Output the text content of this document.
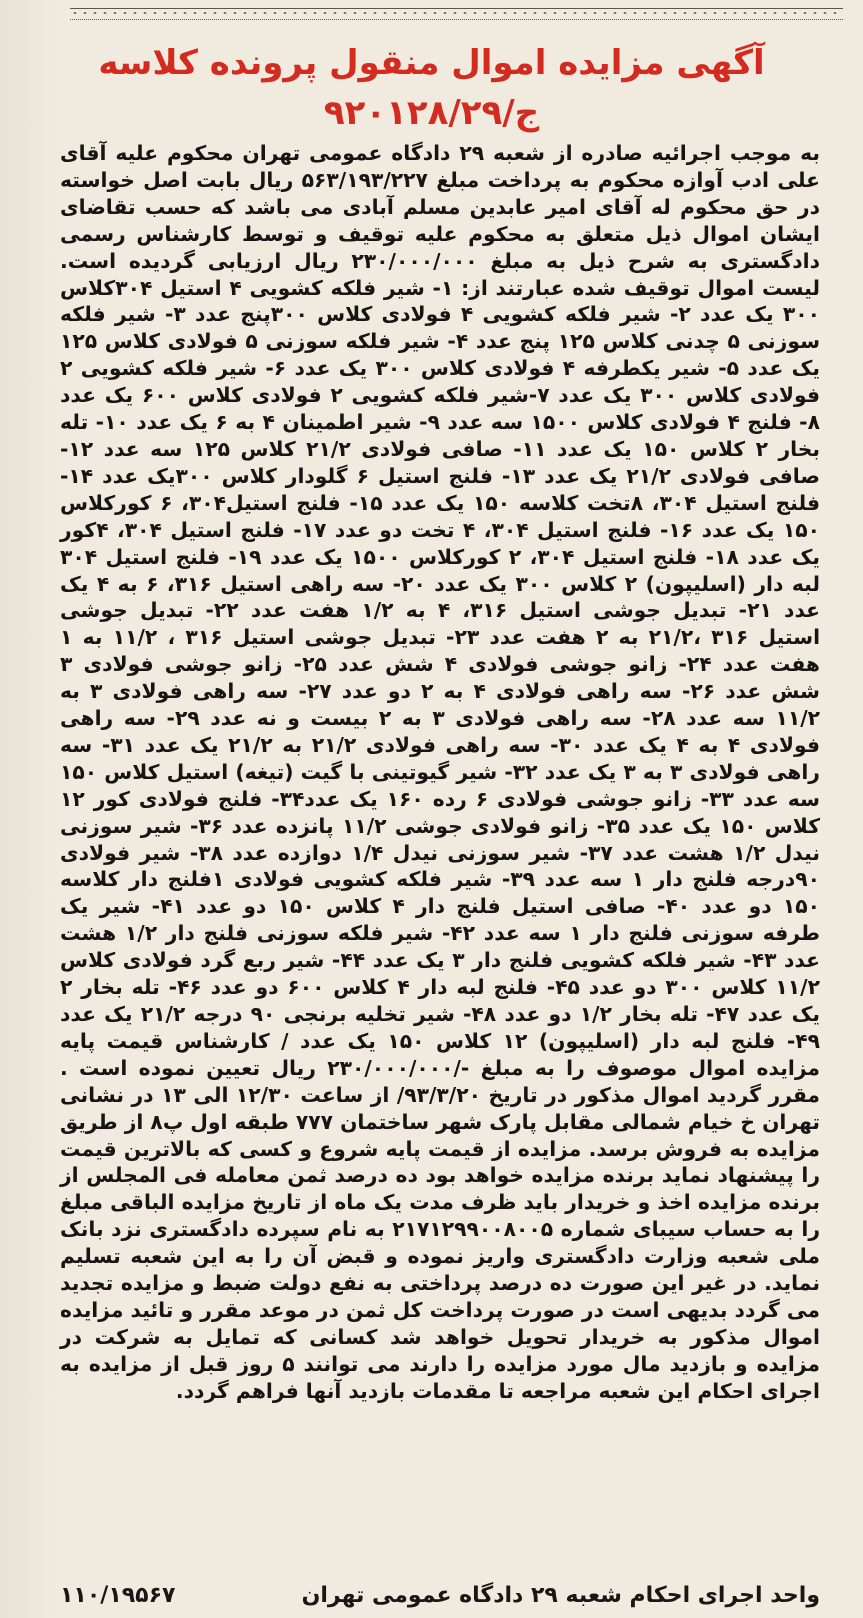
آگهی مزایده اموال منقول پرونده کلاسه
ج/۹۲۰۱۲۸/۲۹
به موجب اجرائیه صادره از شعبه ۲۹ دادگاه عمومی تهران محکوم علیه آقای علی ادب آوازه محکوم به پرداخت مبلغ ۵۶۳/۱۹۳/۲۲۷ ریال بابت اصل خواسته در حق محکوم له آقای امیر عابدین مسلم آبادی می باشد که حسب تقاضای ایشان اموال ذیل متعلق به محکوم علیه توقیف و توسط کارشناس رسمی دادگستری به شرح ذیل به مبلغ ۲۳۰/۰۰۰/۰۰۰ ریال ارزیابی گردیده است. لیست اموال توقیف شده عبارتند از: ۱- شیر فلکه کشویی ۴ استیل ۳۰۴کلاس ۳۰۰ یک عدد ۲- شیر فلکه کشویی ۴ فولادی کلاس ۳۰۰پنج عدد ۳- شیر فلکه سوزنی ۵ چدنی کلاس ۱۲۵ پنج عدد ۴- شیر فلکه سوزنی ۵ فولادی کلاس ۱۲۵ یک عدد ۵- شیر یکطرفه ۴ فولادی کلاس ۳۰۰ یک عدد ۶- شیر فلکه کشویی ۲ فولادی کلاس ۳۰۰ یک عدد ۷-شیر فلکه کشویی ۲ فولادی کلاس ۶۰۰ یک عدد ۸- فلنج ۴ فولادی کلاس ۱۵۰۰ سه عدد ۹- شیر اطمینان ۴ به ۶ یک عدد ۱۰- تله بخار ۲ کلاس ۱۵۰ یک عدد ۱۱- صافی فولادی ۲۱/۲ کلاس ۱۲۵ سه عدد ۱۲- صافی فولادی ۲۱/۲ یک عدد ۱۳- فلنج استیل ۶ گلودار کلاس ۳۰۰یک عدد ۱۴- فلنج استیل ۳۰۴، ۸تخت کلاسه ۱۵۰ یک عدد ۱۵- فلنج استیل۳۰۴، ۶ کورکلاس ۱۵۰ یک عدد ۱۶- فلنج استیل ۳۰۴، ۴ تخت دو عدد ۱۷- فلنج استیل ۳۰۴، ۴کور یک عدد ۱۸- فلنج استیل ۳۰۴، ۲ کورکلاس ۱۵۰۰ یک عدد ۱۹- فلنج استیل ۳۰۴ لبه دار (اسلیپون) ۲ کلاس ۳۰۰ یک عدد ۲۰- سه راهی استیل ۳۱۶، ۶ به ۴ یک عدد ۲۱- تبدیل جوشی استیل ۳۱۶، ۴ به ۱/۲ هفت عدد ۲۲- تبدیل جوشی استیل ۳۱۶ ،۲۱/۲ به ۲ هفت عدد ۲۳- تبدیل جوشی استیل ۳۱۶ ، ۱۱/۲ به ۱ هفت عدد ۲۴- زانو جوشی فولادی ۴ شش عدد ۲۵- زانو جوشی فولادی ۳ شش عدد ۲۶- سه راهی فولادی ۴ به ۲ دو عدد ۲۷- سه راهی فولادی ۳ به ۱۱/۲ سه عدد ۲۸- سه راهی فولادی ۳ به ۲ بیست و نه عدد ۲۹- سه راهی فولادی ۴ به ۴ یک عدد ۳۰- سه راهی فولادی ۲۱/۲ به ۲۱/۲ یک عدد ۳۱- سه راهی فولادی ۳ به ۳ یک عدد ۳۲- شیر گیوتینی با گیت (تیغه) استیل کلاس ۱۵۰ سه عدد ۳۳- زانو جوشی فولادی ۶ رده ۱۶۰ یک عدد۳۴- فلنج فولادی کور ۱۲ کلاس ۱۵۰ یک عدد ۳۵- زانو فولادی جوشی ۱۱/۲ پانزده عدد ۳۶- شیر سوزنی نیدل ۱/۲ هشت عدد ۳۷- شیر سوزنی نیدل ۱/۴ دوازده عدد ۳۸- شیر فولادی ۹۰درجه فلنج دار ۱ سه عدد ۳۹- شیر فلکه کشویی فولادی ۱فلنج دار کلاسه ۱۵۰ دو عدد ۴۰- صافی استیل فلنج دار ۴ کلاس ۱۵۰ دو عدد ۴۱- شیر یک طرفه سوزنی فلنج دار ۱ سه عدد ۴۲- شیر فلکه سوزنی فلنج دار ۱/۲ هشت عدد ۴۳- شیر فلکه کشویی فلنج دار ۳ یک عدد ۴۴- شیر ربع گرد فولادی کلاس ۱۱/۲ کلاس ۳۰۰ دو عدد ۴۵- فلنج لبه دار ۴ کلاس ۶۰۰ دو عدد ۴۶- تله بخار ۲ یک عدد ۴۷- تله بخار ۱/۲ دو عدد ۴۸- شیر تخلیه برنجی ۹۰ درجه ۲۱/۲ یک عدد ۴۹- فلنج لبه دار (اسلیپون) ۱۲ کلاس ۱۵۰ یک عدد / کارشناس قیمت پایه مزایده اموال موصوف را به مبلغ -/۲۳۰/۰۰۰/۰۰۰ ریال تعیین نموده است . مقرر گردید اموال مذکور در تاریخ ۹۳/۳/۲۰/ از ساعت ۱۲/۳۰ الی ۱۳ در نشانی تهران خ خیام شمالی مقابل پارک شهر ساختمان ۷۷۷ طبقه اول پ۸ از طریق مزایده به فروش برسد. مزایده از قیمت پایه شروع و کسی که بالاترین قیمت را پیشنهاد نماید برنده مزایده خواهد بود ده درصد ثمن معامله فی المجلس از برنده مزایده اخذ و خریدار باید ظرف مدت یک ماه از تاریخ مزایده الباقی مبلغ را به حساب سیبای شماره ۲۱۷۱۲۹۹۰۰۸۰۰۵ به نام سپرده دادگستری نزد بانک ملی شعبه وزارت دادگستری واریز نموده و قبض آن را به این شعبه تسلیم نماید. در غیر این صورت ده درصد پرداختی به نفع دولت ضبط و مزایده تجدید می گردد بدیهی است در صورت پرداخت کل ثمن در موعد مقرر و تائید مزایده اموال مذکور به خریدار تحویل خواهد شد کسانی که تمایل به شرکت در مزایده و بازدید مال مورد مزایده را دارند می توانند ۵ روز قبل از مزایده به اجرای احکام این شعبه مراجعه تا مقدمات بازدید آنها فراهم گردد.
واحد اجرای احکام شعبه ۲۹ دادگاه عمومی تهران
۱۱۰/۱۹۵۶۷
